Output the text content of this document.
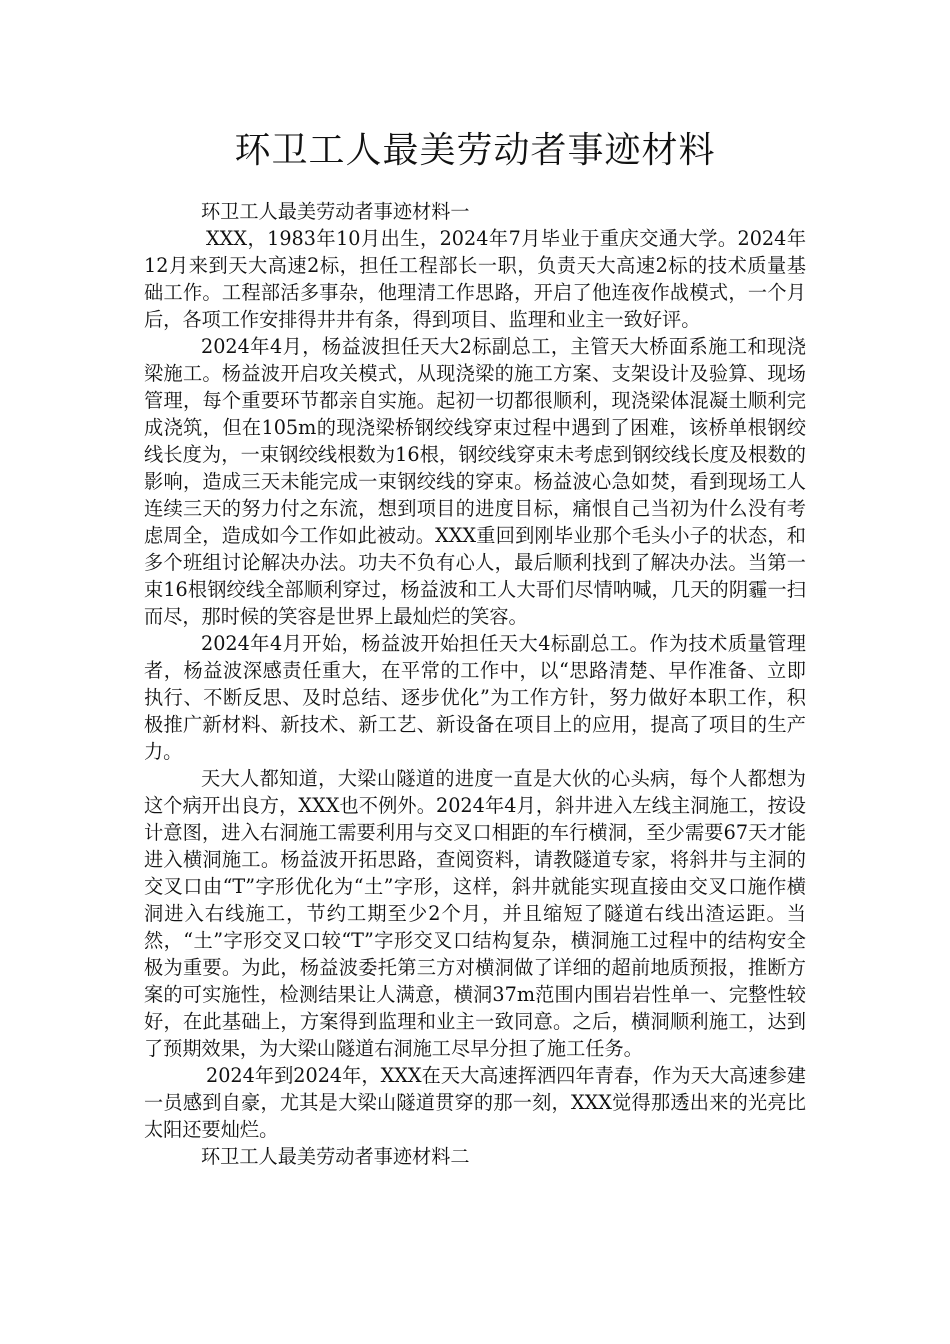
环卫工人最美劳动者事迹材料

环卫工人最美劳动者事迹材料一

XXX，1983年10月出生，2024年7月毕业于重庆交通大学。2024年12月来到天大高速2标，担任工程部长一职，负责天大高速2标的技术质量基础工作。工程部活多事杂，他理清工作思路，开启了他连夜作战模式，一个月后，各项工作安排得井井有条，得到项目、监理和业主一致好评。

2024年4月，杨益波担任天大2标副总工，主管天大桥面系施工和现浇梁施工。杨益波开启攻关模式，从现浇梁的施工方案、支架设计及验算、现场管理，每个重要环节都亲自实施。起初一切都很顺利，现浇梁体混凝土顺利完成浇筑，但在105m的现浇梁桥钢绞线穿束过程中遇到了困难，该桥单根钢绞线长度为，一束钢绞线根数为16根，钢绞线穿束未考虑到钢绞线长度及根数的影响，造成三天未能完成一束钢绞线的穿束。杨益波心急如焚，看到现场工人连续三天的努力付之东流，想到项目的进度目标，痛恨自己当初为什么没有考虑周全，造成如今工作如此被动。XXX重回到刚毕业那个毛头小子的状态，和多个班组讨论解决办法。功夫不负有心人，最后顺利找到了解决办法。当第一束16根钢绞线全部顺利穿过，杨益波和工人大哥们尽情呐喊，几天的阴霾一扫而尽，那时候的笑容是世界上最灿烂的笑容。

2024年4月开始，杨益波开始担任天大4标副总工。作为技术质量管理者，杨益波深感责任重大，在平常的工作中，以“思路清楚、早作准备、立即执行、不断反思、及时总结、逐步优化”为工作方针，努力做好本职工作，积极推广新材料、新技术、新工艺、新设备在项目上的应用，提高了项目的生产力。

天大人都知道，大梁山隧道的进度一直是大伙的心头病，每个人都想为这个病开出良方，XXX也不例外。2024年4月，斜井进入左线主洞施工，按设计意图，进入右洞施工需要利用与交叉口相距的车行横洞，至少需要67天才能进入横洞施工。杨益波开拓思路，查阅资料，请教隧道专家，将斜井与主洞的交叉口由“T”字形优化为“土”字形，这样，斜井就能实现直接由交叉口施作横洞进入右线施工，节约工期至少2个月，并且缩短了隧道右线出渣运距。当然，“土”字形交叉口较“T”字形交叉口结构复杂，横洞施工过程中的结构安全极为重要。为此，杨益波委托第三方对横洞做了详细的超前地质预报，推断方案的可实施性，检测结果让人满意，横洞37m范围内围岩岩性单一、完整性较好，在此基础上，方案得到监理和业主一致同意。之后，横洞顺利施工，达到了预期效果，为大梁山隧道右洞施工尽早分担了施工任务。

2024年到2024年，XXX在天大高速挥洒四年青春，作为天大高速参建一员感到自豪，尤其是大梁山隧道贯穿的那一刻，XXX觉得那透出来的光亮比太阳还要灿烂。

环卫工人最美劳动者事迹材料二
